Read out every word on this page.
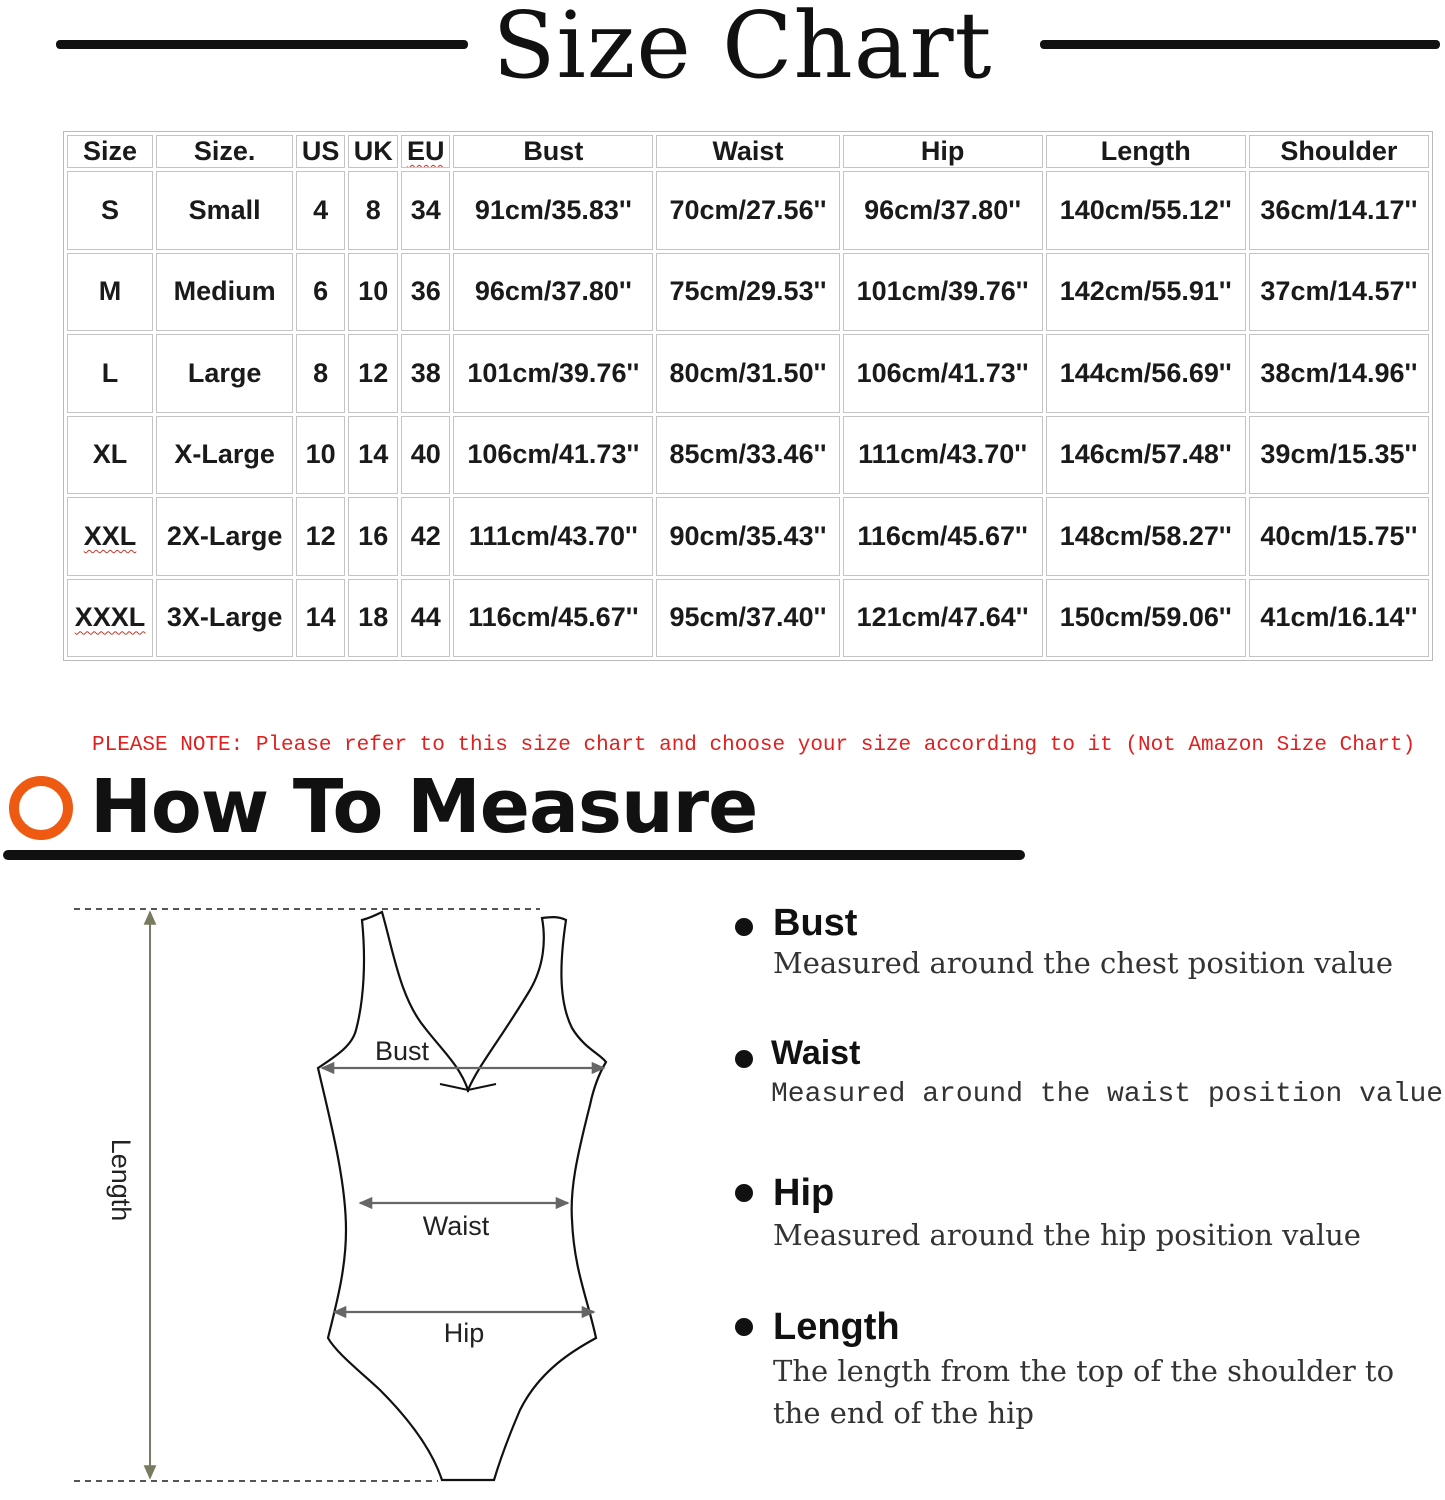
Size Chart
Size	Size.	US	UK	EU	Bust	Waist	Hip	Length	Shoulder
S	Small	4	8	34	91cm/35.83''	70cm/27.56''	96cm/37.80''	140cm/55.12''	36cm/14.17''
M	Medium	6	10	36	96cm/37.80''	75cm/29.53''	101cm/39.76''	142cm/55.91''	37cm/14.57''
L	Large	8	12	38	101cm/39.76''	80cm/31.50''	106cm/41.73''	144cm/56.69''	38cm/14.96''
XL	X-Large	10	14	40	106cm/41.73''	85cm/33.46''	111cm/43.70''	146cm/57.48''	39cm/15.35''
XXL	2X-Large	12	16	42	111cm/43.70''	90cm/35.43''	116cm/45.67''	148cm/58.27''	40cm/15.75''
XXXL	3X-Large	14	18	44	116cm/45.67''	95cm/37.40''	121cm/47.64''	150cm/59.06''	41cm/16.14''
PLEASE NOTE: Please refer to this size chart and choose your size according to it (Not Amazon Size Chart)
How To Measure
Length
Bust
Waist
Hip
Bust
Measured around the chest position value
Waist
Measured around the waist position value
Hip
Measured around the hip position value
Length
The length from the top of the shoulder to
the end of the hip
